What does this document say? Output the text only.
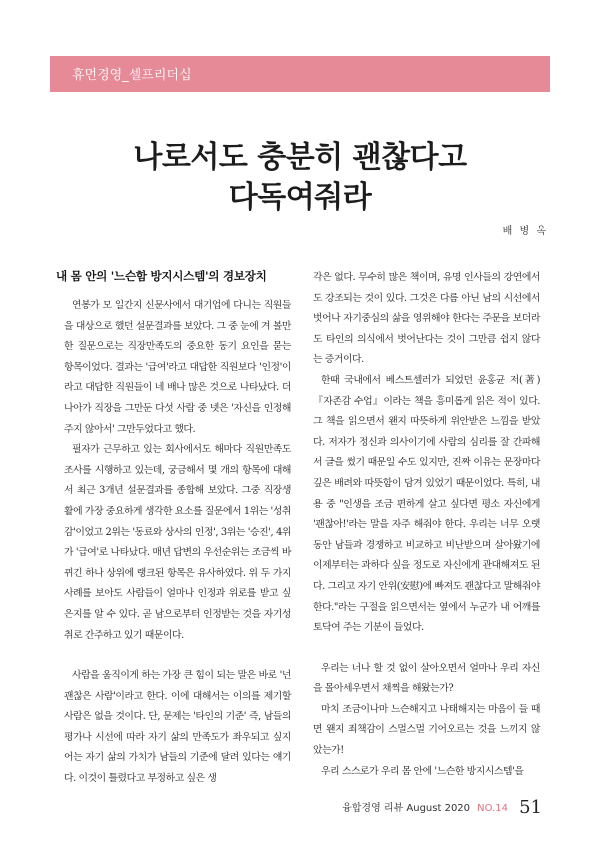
휴먼경영_셀프리더십
나로서도 충분히 괜찮다고
다독여줘라
배 병 옥
내 몸 안의 '느슨함 방지시스템'의 경보장치

연봉가 모 일간지 신문사에서 대기업에 다니는 직원들을 대상으로 했던 설문결과를 보았다. 그 중 눈에 겨 볼만한 질문으로는 직장만족도의 중요한 동기 요인을 묻는 항목이었다. 결과는 '급여'라고 대답한 직원보다 '인정'이라고 대답한 직원들이 네 배나 많은 것으로 나타났다. 더 나아가 직장을 그만둔 다섯 사람 중 넷은 '자신을 인정해주지 않아서' 그만두었다고 했다.

필자가 근무하고 있는 회사에서도 해마다 직원만족도 조사를 시행하고 있는데, 궁금해서 몇 개의 항목에 대해서 최근 3개년 설문결과를 종합해 보았다. 그중 직장생활에 가장 중요하게 생각한 요소를 질문에서 1위는 '성취감'이었고 2위는 '동료와 상사의 인정', 3위는 '승진', 4위가 '급여'로 나타났다. 매년 답변의 우선순위는 조금씩 바뀌긴 하나 상위에 랭크된 항목은 유사하였다. 위 두 가지 사례를 보아도 사람들이 얼마나 인정과 위로를 받고 싶은지를 알 수 있다. 곧 남으로부터 인정받는 것을 자기성취로 간주하고 있기 때문이다.

사람을 움직이게 하는 가장 큰 힘이 되는 말은 바로 '넌 괜찮은 사람'이라고 한다. 이에 대해서는 이의를 제기할 사람은 없을 것이다. 단, 문제는 '타인의 기준' 즉, 남들의 평가나 시선에 따라 자기 삶의 만족도가 좌우되고 싶지어는 자기 삶의 가치가 남들의 기준에 달려 있다는 얘기다. 이것이 틀렸다고 부정하고 싶은 생

각은 없다. 무수히 많은 책이며, 유명 인사들의 강연에서도 강조되는 것이 있다. 그것은 다름 아닌 남의 시선에서 벗어나 자기중심의 삶을 영위해야 한다는 주문을 보더라도 타인의 의식에서 벗어난다는 것이 그만큼 쉽지 않다는 증거이다.

한때 국내에서 베스트셀러가 되었던 윤홍균 저(著) 『자존감 수업』이라는 책을 흥미롭게 읽은 적이 있다. 그 책을 읽으면서 왠지 따뜻하게 위안받은 느낌을 받았다. 저자가 정신과 의사이기에 사람의 심리를 잘 간파해서 글을 썼기 때문일 수도 있지만, 진짜 이유는 문장마다 깊은 배려와 따뜻함이 담겨 있었기 때문이었다. 특히, 내용 중 "인생을 조금 편하게 살고 싶다면 평소 자신에게 '괜찮아!'라는 말을 자주 해줘야 한다. 우리는 너무 오랫동안 남들과 경쟁하고 비교하고 비난받으며 살아왔기에 이제부터는 과하다 싶을 정도로 자신에게 관대해져도 된다. 그리고 자기 안위(安慰)에 빠져도 괜찮다고 말해줘야 한다."라는 구절을 읽으면서는 옆에서 누군가 내 어깨를 토닥여 주는 기분이 들었다.

우리는 너나 할 것 없이 살아오면서 얼마나 우리 자신을 몰아세우면서 채찍을 해왔는가?

마치 조금이나마 느슨해지고 나태해지는 마음이 들 때면 왠지 죄책감이 스멀스멀 기어오르는 것을 느끼지 않았는가!

우리 스스로가 우리 몸 안에 '느슨한 방지시스템'을

융합경영 리뷰 August 2020 NO.14 51
